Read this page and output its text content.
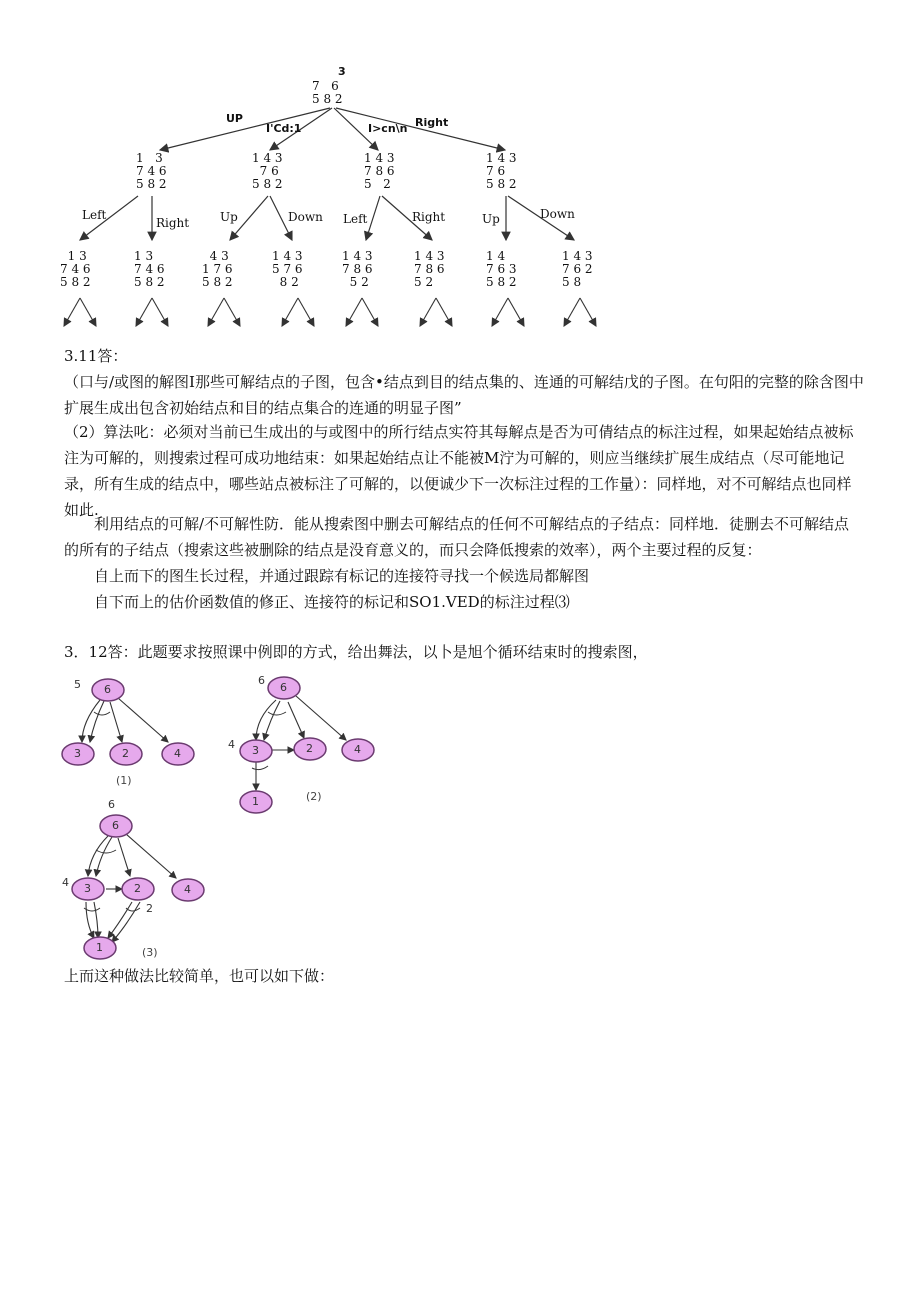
3
7   6
5 8 2
UP
I'Cd:1	I>cn\n Right
1   3
7 4 6
5 8 2
1 4 3
7 6
5 8 2
1 4 3
7 8 6
5   2
1 4 3
7 6
5 8 2
Left
Right	Up	Down Left	Right	Up	Down
1 3
7 4 6
5 8 2
1 3
7 4 6
5 8 2
4 3
1 7 6
5 8 2
1 4 3
5 7 6
8 2
1 4 3
7 8 6
5 2
1 4 3
7 8 6
5 2
1 4
7 6 3
5 8 2
1 4 3
7 6 2
5 8
3.11答：
（口与/或图的解图I那些可解结点的子图，包含•结点到目的结点集的、连通的可解结戊的子图。在句阳的完整的除含图中扩展生成出包含初始结点和目的结点集合的连通的明显子图”
（2）算法叱：必须对当前已生成出的与或图中的所行结点实符其每解点是否为可倩结点的标注过程，如果起始结点被标注为可解的，则搜索过程可成功地结束：如果起始结点让不能被M泞为可解的，则应当继续扩展生成结点（尽可能地记录，所有生成的结点中，哪些站点被标注了可解的，以便诚少下一次标注过程的工作量）：同样地，对不可解结点也同样如此.
利用结点的可解/不可解性防．能从搜索图中删去可解结点的任何不可解结点的子结点：同样地．徒删去不可解结点的所有的子结点（搜索这些被删除的结点是没育意义的，而只会降低搜索的效率），两个主要过程的反复：
自上而下的图生长过程，并通过跟踪有标记的连接符寻找一个候选局都解图
自下而上的估价函数值的修正、连接符的标记和SO1.VED的标注过程⑶
3．12答：此题要求按照课中例即的方式，给出舞法，以卜是旭个循环结束时的搜索图，
6
3	2	4
5
(1)
6
3	2	4
1
6
4
(2)
6
3	2	4
1
6
4
2
(3)
上而这种做法比较简单，也可以如下做：
